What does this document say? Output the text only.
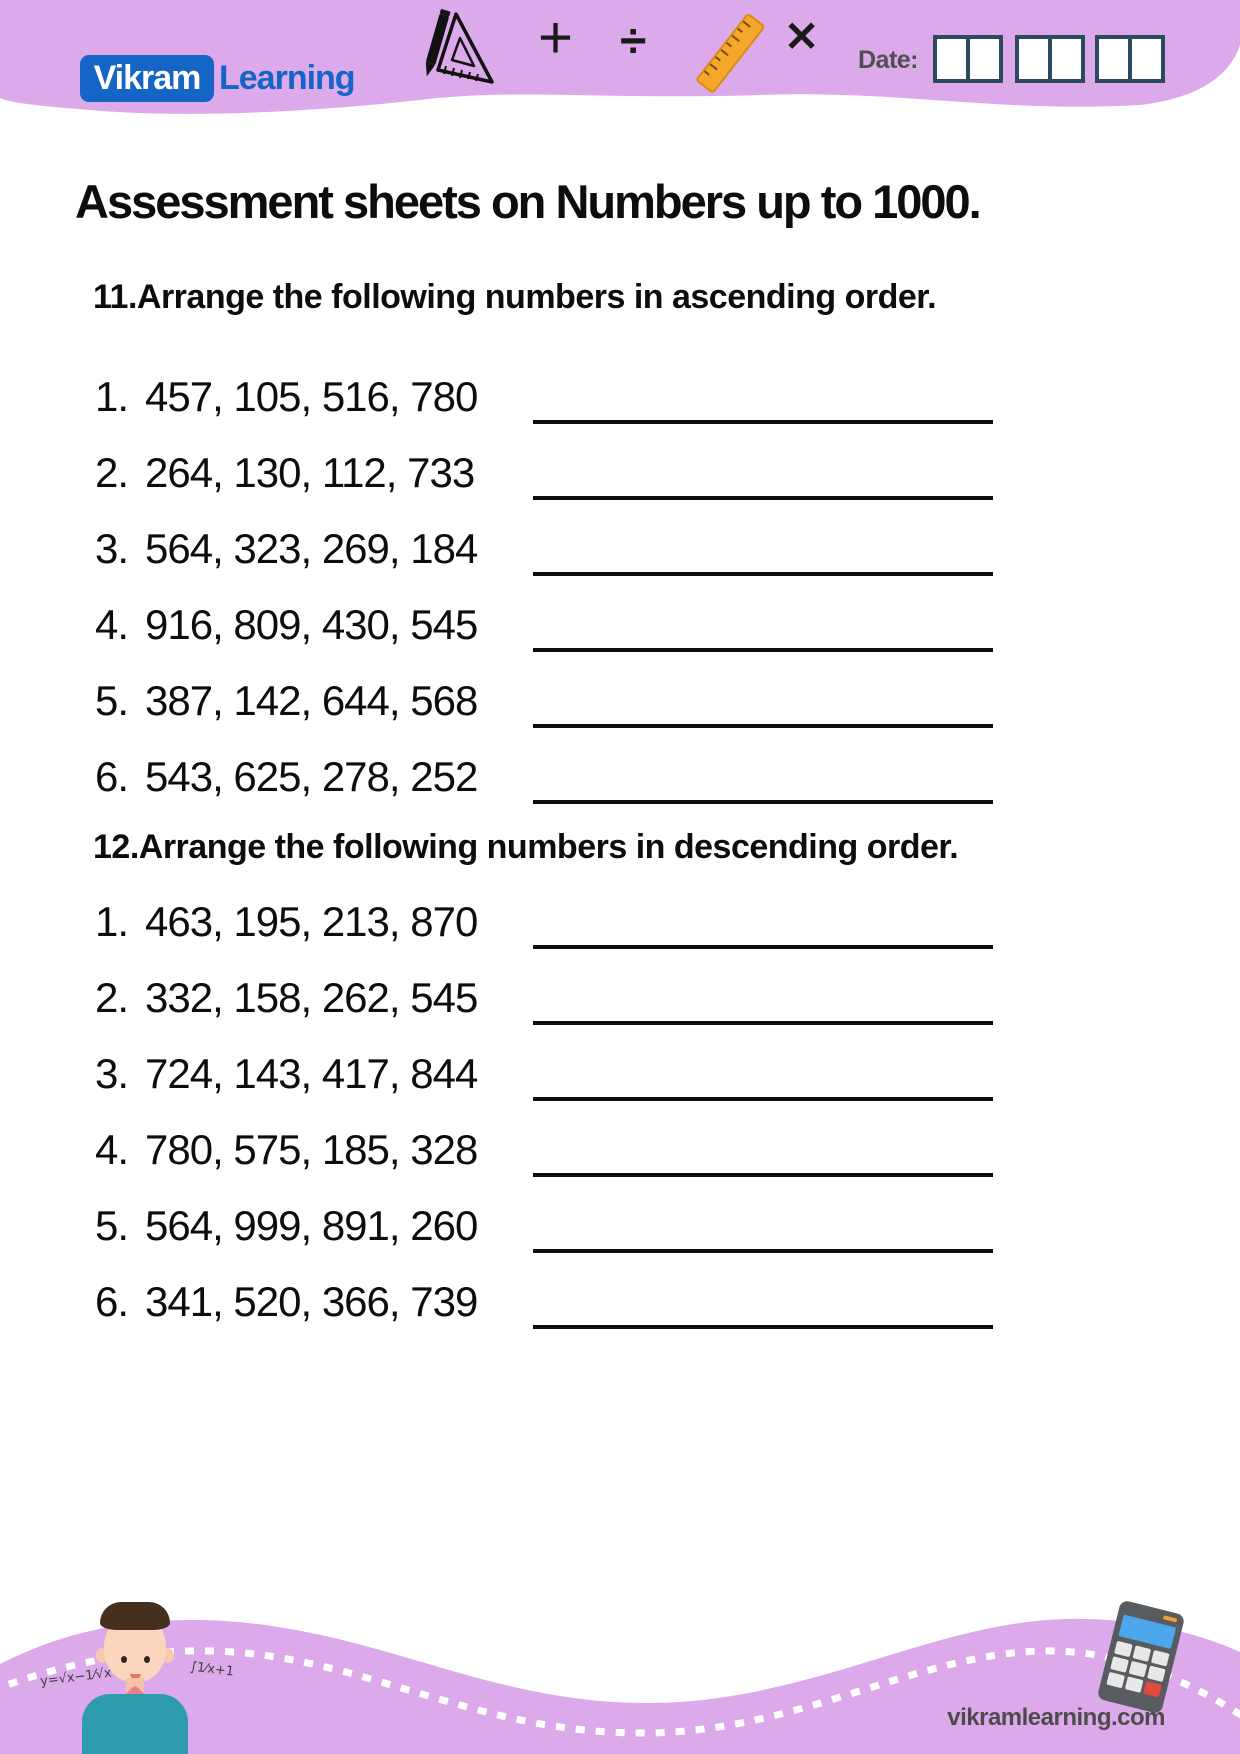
Vikram Learning
+ ÷	✕ Date:
Assessment sheets on Numbers up to 1000.
11.Arrange the following numbers in ascending order.
1. 457, 105, 516, 780
2. 264, 130, 112, 733
3. 564, 323, 269, 184
4. 916, 809, 430, 545
5. 387, 142, 644, 568
6. 543, 625, 278, 252
12.Arrange the following numbers in descending order.
1. 463, 195, 213, 870
2. 332, 158, 262, 545
3. 724, 143, 417, 844
4. 780, 575, 185, 328
5. 564, 999, 891, 260
6. 341, 520, 366, 739
y=√x−1⁄√x	∫1⁄x+1
vikramlearning.com
